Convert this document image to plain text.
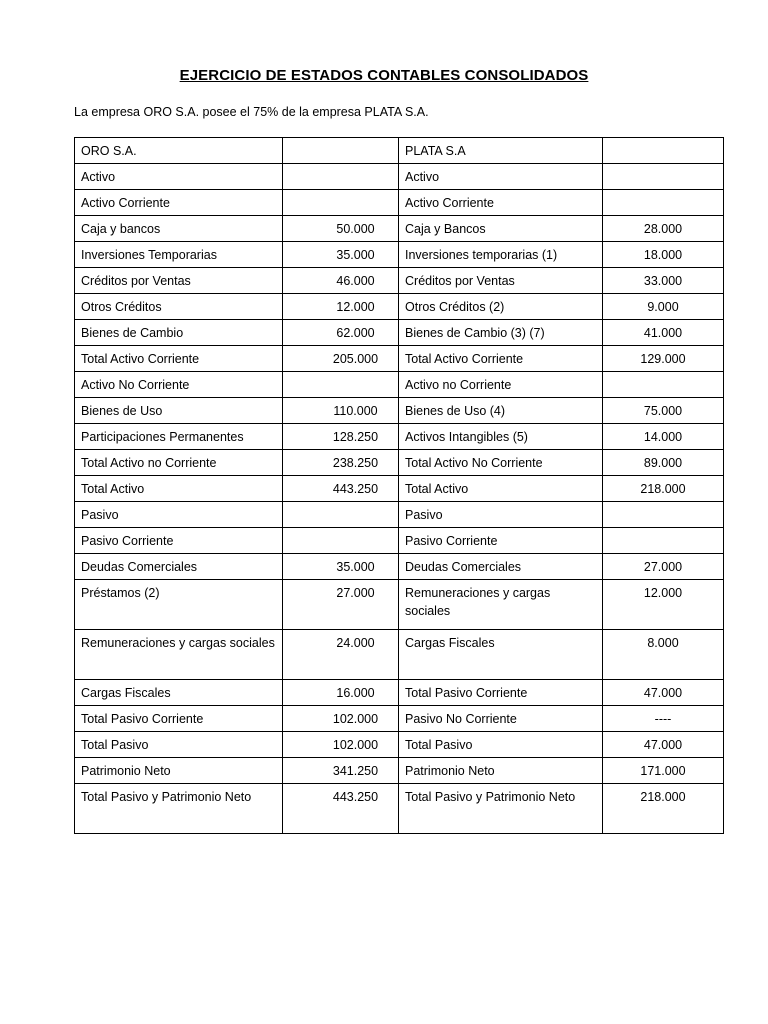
EJERCICIO DE ESTADOS CONTABLES CONSOLIDADOS
La empresa ORO S.A. posee el 75% de la empresa PLATA S.A.
ORO S.A.		PLATA S.A	
Activo		Activo	
Activo Corriente		Activo Corriente	
Caja y bancos	50.000	Caja y Bancos	28.000
Inversiones Temporarias	35.000	Inversiones temporarias (1)	18.000
Créditos por Ventas	46.000	Créditos por Ventas	33.000
Otros Créditos	12.000	Otros Créditos (2)	9.000
Bienes de Cambio	62.000	Bienes de Cambio (3) (7)	41.000
Total Activo Corriente	205.000	Total Activo Corriente	129.000
Activo No Corriente		Activo no Corriente	
Bienes de Uso	110.000	Bienes de Uso (4)	75.000
Participaciones Permanentes	128.250	Activos Intangibles (5)	14.000
Total Activo no Corriente	238.250	Total Activo No Corriente	89.000
Total Activo	443.250	Total Activo	218.000
Pasivo		Pasivo	
Pasivo Corriente		Pasivo Corriente	
Deudas Comerciales	35.000	Deudas Comerciales	27.000
Préstamos (2)	27.000	Remuneraciones y cargas sociales	12.000
Remuneraciones y cargas sociales	24.000	Cargas Fiscales	8.000
Cargas Fiscales	16.000	Total Pasivo Corriente	47.000
Total Pasivo Corriente	102.000	Pasivo No Corriente	----
Total Pasivo	102.000	Total Pasivo	47.000
Patrimonio Neto	341.250	Patrimonio Neto	171.000
Total Pasivo y Patrimonio Neto	443.250	Total Pasivo y Patrimonio Neto	218.000
